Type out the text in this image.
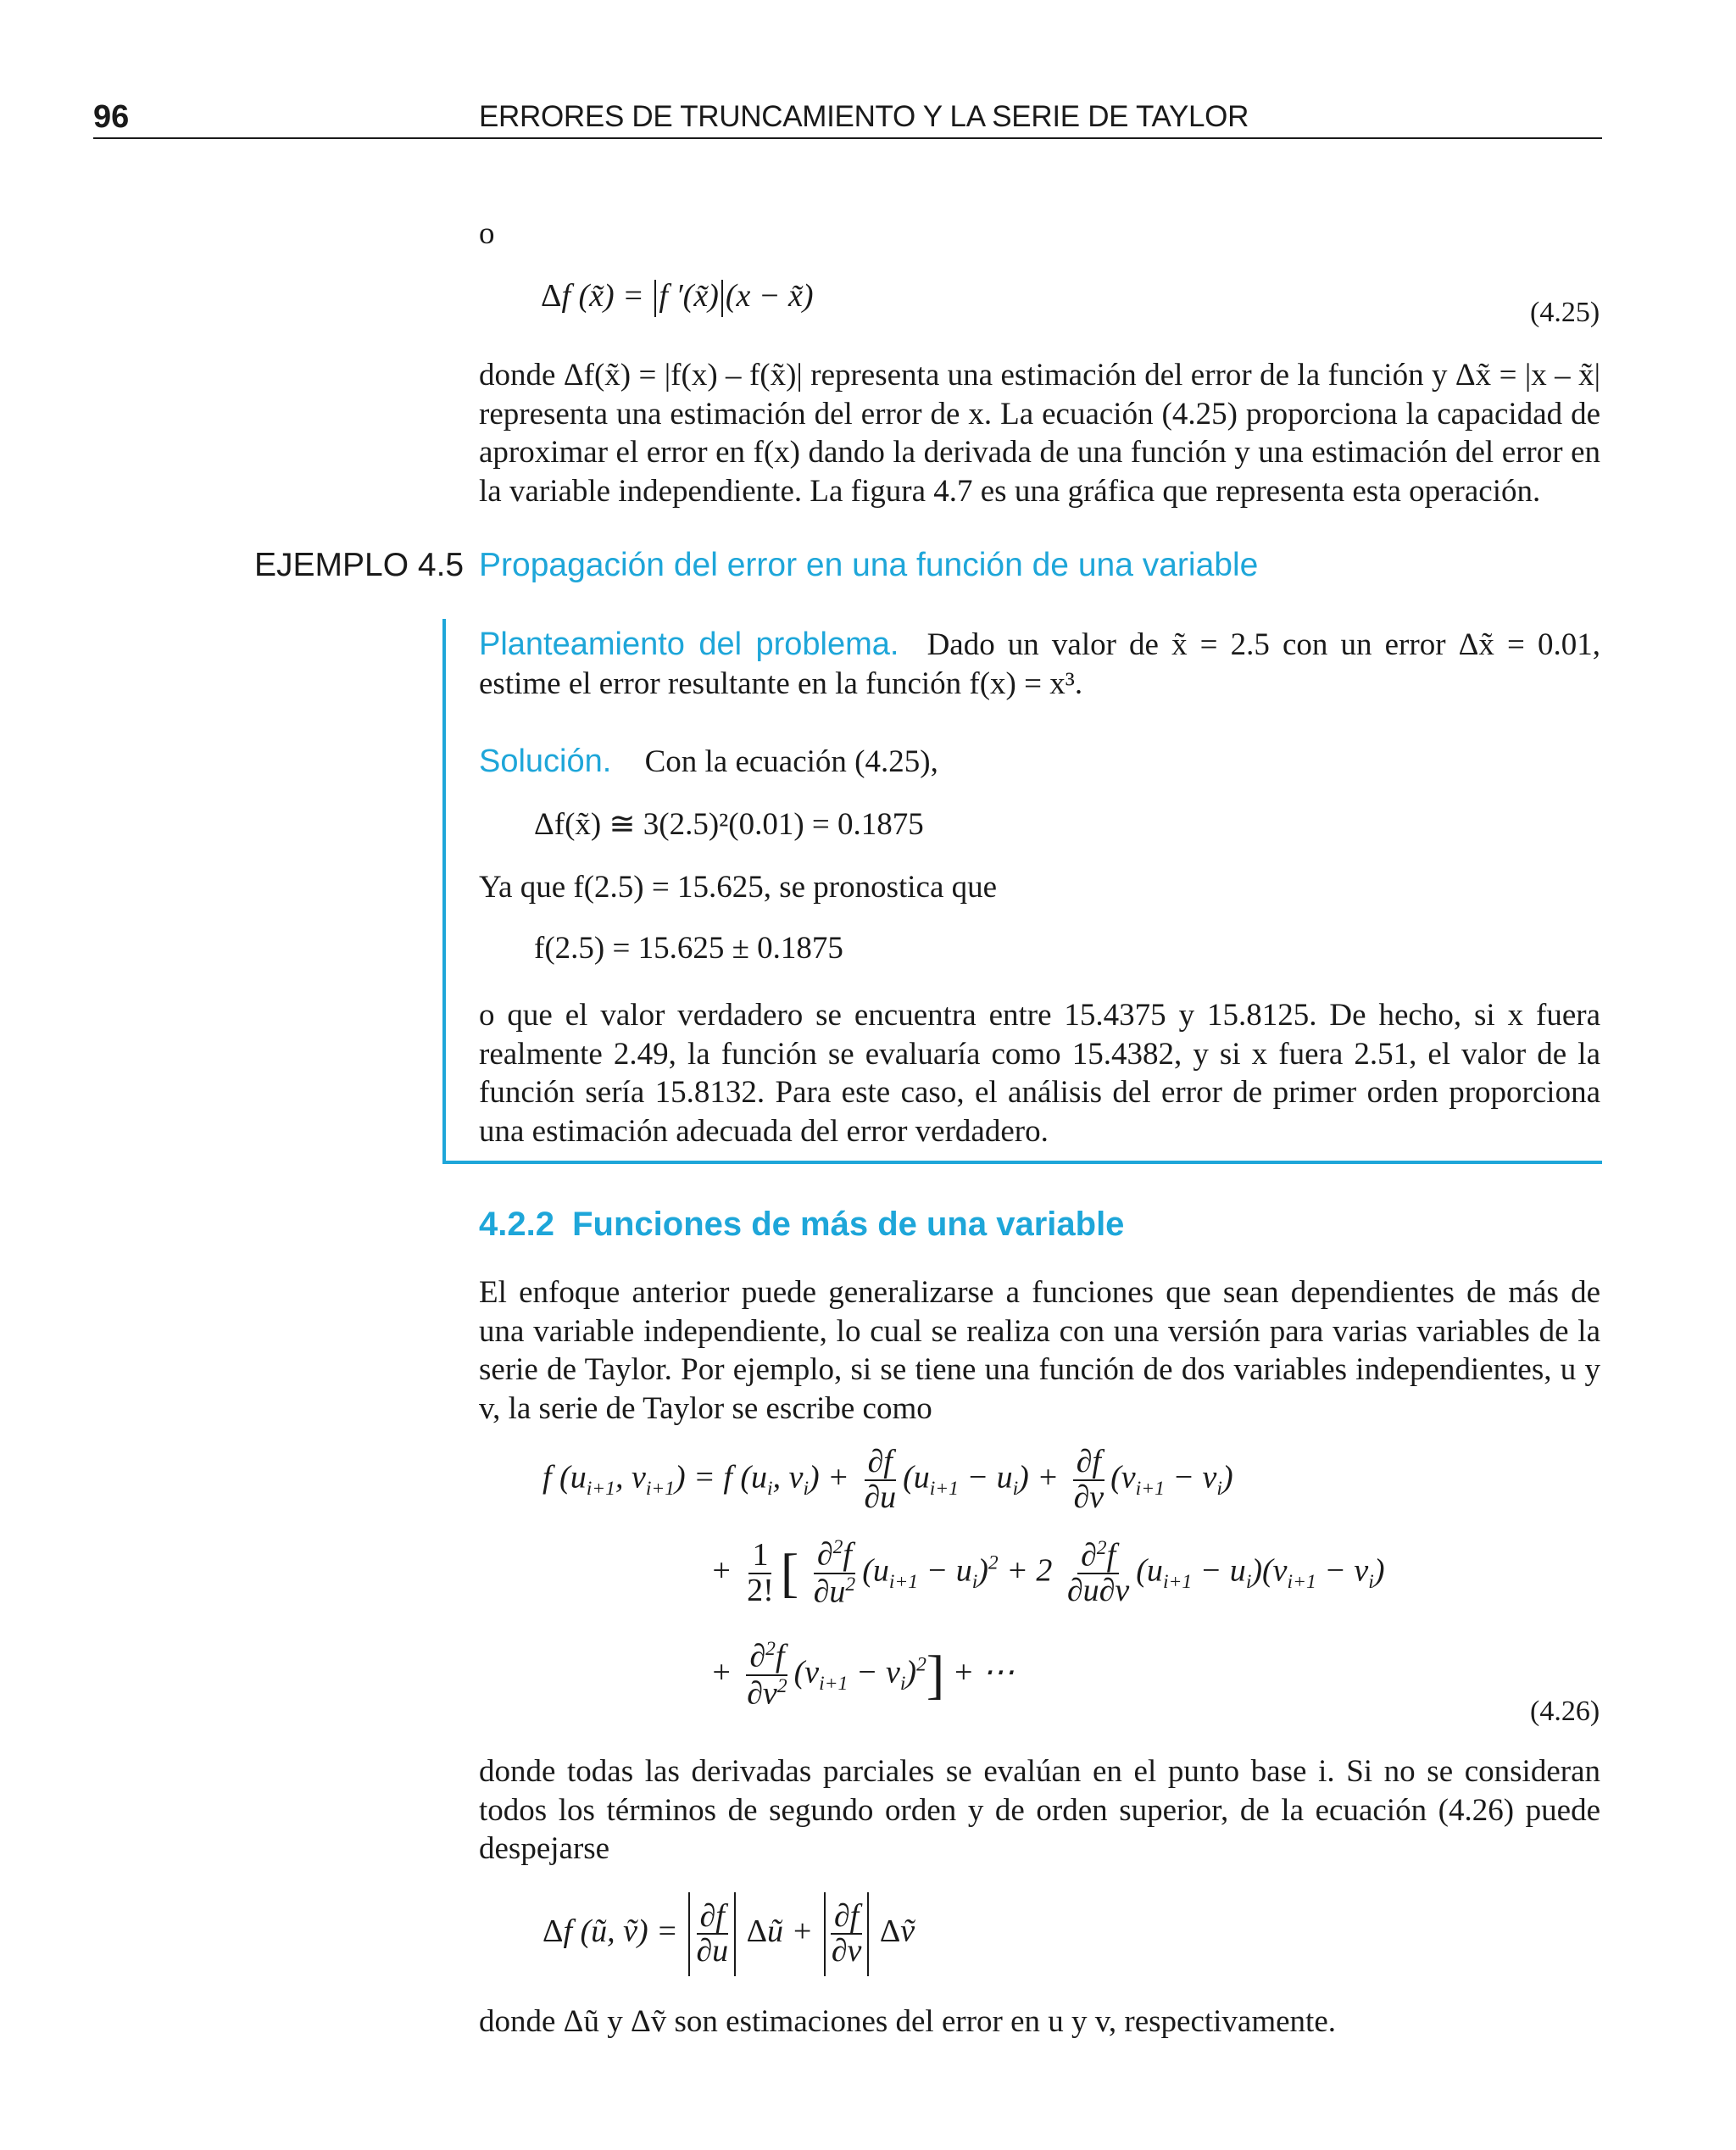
96	ERRORES DE TRUNCAMIENTO Y LA SERIE DE TAYLOR
o
Δf (x̃) = f ′(x̃) (x − x̃)	(4.25)
donde Δf(x̃) = |f(x) – f(x̃)| representa una estimación del error de la función y Δx̃ = |x – x̃| representa una estimación del error de x. La ecuación (4.25) proporciona la capacidad de aproximar el error en f(x) dando la derivada de una función y una estimación del error en la variable independiente. La figura 4.7 es una gráfica que representa esta operación.
EJEMPLO 4.5 Propagación del error en una función de una variable
Planteamiento del problema. Dado un valor de x̃ = 2.5 con un error Δx̃ = 0.01, estime el error resultante en la función f(x) = x³.
Solución. Con la ecuación (4.25),
Δf(x̃) ≅ 3(2.5)²(0.01) = 0.1875
Ya que f(2.5) = 15.625, se pronostica que
f(2.5) = 15.625 ± 0.1875
o que el valor verdadero se encuentra entre 15.4375 y 15.8125. De hecho, si x fuera realmente 2.49, la función se evaluaría como 15.4382, y si x fuera 2.51, el valor de la función sería 15.8132. Para este caso, el análisis del error de primer orden proporciona una estimación adecuada del error verdadero.
4.2.2 Funciones de más de una variable
El enfoque anterior puede generalizarse a funciones que sean dependientes de más de una variable independiente, lo cual se realiza con una versión para varias variables de la serie de Taylor. Por ejemplo, si se tiene una función de dos variables independientes, u y v, la serie de Taylor se escribe como
f ($u_{i+1}$, $v_{i+1}) = f$ ($u_i$, $v_i) + \frac{\partial f}{\partial u} (u_{i+1} - u_i) + \frac{\partial f}{\partial v} (v_{i+1} - v_i)$
+ $\frac{1}{2!}$ [ $\frac{\partial^2f}{\partial u^2} (u_{i+1} - u_i)^2 + 2 \frac{\partial^2f}{\partial u\partial v} (u_{i+1} - u_i)(v_{i+1} - v_i)$
+ $\frac{\partial^2f}{\partial v^2} (v_{i+1} - v_i)^2$] + ⋯
(4.26)
donde todas las derivadas parciales se evalúan en el punto base i. Si no se consideran todos los términos de segundo orden y de orden superior, de la ecuación (4.26) puede despejarse
Δf (ũ, ṽ) = $\frac{\partial f}{\partial u}$ Δũ + $\frac{\partial f}{\partial v}$ Δṽ
donde Δũ y Δṽ son estimaciones del error en u y v, respectivamente.
